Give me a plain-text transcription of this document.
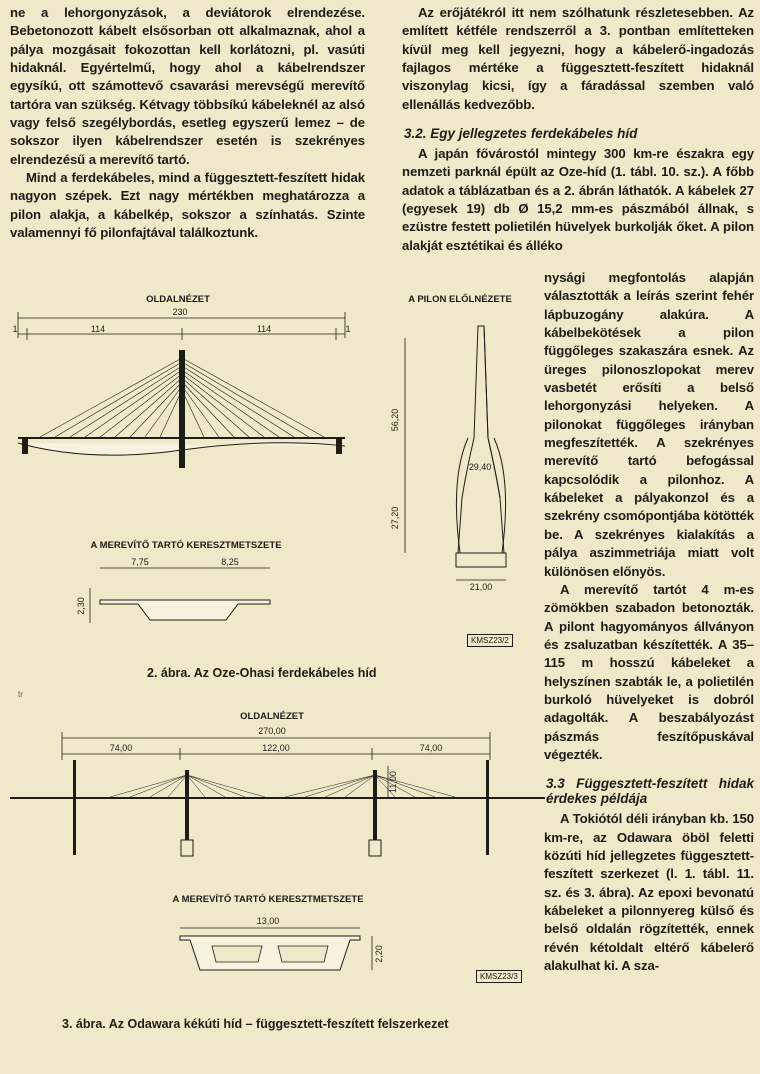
ne a lehorgonyzások, a deviátorok elrendezése. Bebetonozott kábelt elsősorban ott alkalmaznak, ahol a pálya mozgásait fokozottan kell korlátozni, pl. vasúti hidaknál. Egyértelmű, hogy ahol a kábelrendszer egysíkú, ott számottevő csavarási merevségű merevítő tartóra van szükség. Kétvagy többsíkú kábeleknél az alsó vagy felső szegélybordás, esetleg egyszerű lemez – de sokszor ilyen kábelrendszer esetén is szekrényes elrendezésű a merevítő tartó.

Mind a ferdekábeles, mind a függesztett-feszített hidak nagyon szépek. Ezt nagy mértékben meghatározza a pilon alakja, a kábelkép, sokszor a színhatás. Szinte valamennyi fő pilonfajtával találkoztunk.

Az erőjátékról itt nem szólhatunk részletesebben. Az említett kétféle rendszerről a 3. pontban említetteken kívül meg kell jegyezni, hogy a kábelerő-ingadozás fajlagos mértéke a függesztett-feszített hidaknál viszonylag kicsi, így a fáradással szemben való ellenállás kedvezőbb.

3.2. Egy jellegzetes ferdekábeles híd

A japán fővárostól mintegy 300 km-re északra egy nemzeti parknál épült az Oze-híd (1. tábl. 10. sz.). A főbb adatok a táblázatban és a 2. ábrán láthatók. A kábelek 27 (egyesek 19) db Ø 15,2 mm-es pászmából állnak, s ezüstre festett polietilén hüvelyek burkolják őket. A pilon alakját esztétikai és álléko

nysági megfontolás alapján választották a leírás szerint fehér lápbuzogány alakúra. A kábelbekötések a pilon függőleges szakaszára esnek. Az üreges pilonoszlopokat merev vasbetét erősíti a belső lehorgonyzási helyeken. A pilonokat függőleges irányban megfeszítették. A szekrényes merevítő tartó befogással kapcsolódik a pilonhoz. A kábeleket a pályakonzol és a szekrény csomópontjába kötötték be. A szekrényes kialakítás a pálya aszimmetriája miatt volt különösen előnyös.

A merevítő tartót 4 m-es zömökben szabadon betonozták. A pilont hagyományos állványon és zsaluzatban készítették. A 35–115 m hosszú kábeleket a helyszínen szabták le, a polietilén burkoló hüvelyeket is dobról adagolták. A beszabályozást pászmás feszítőpuskával végezték.

3.3 Függesztett-feszített hidak érdekes példája

A Tokiótól déli irányban kb. 150 km-re, az Odawara öböl feletti közúti híd jellegzetes függesztett-feszített szerkezet (l. 1. tábl. 11. sz. és 3. ábra). Az epoxi bevonatú kábeleket a pilonnyereg külső és belső oldalán rögzítették, ennek révén kétoldalt eltérő kábelerő alakulhat ki. A sza-

OLDALNÉZET	A PILON ELŐLNÉZETE
230
1	114	114	1
56,20
27,20
29,40
21,00
A MEREVÍTŐ TARTÓ KERESZTMETSZETE
7,75	8,25
2,30
KMSZ23/2
2. ábra. Az Oze-Ohasi ferdekábeles híd
tr
OLDALNÉZET
270,00
74,00	122,00	74,00
11,00
A MEREVÍTŐ TARTÓ KERESZTMETSZETE
13,00
2,20
KMSZ23/3
3. ábra. Az Odawara kékúti híd – függesztett-feszített felszerkezet
